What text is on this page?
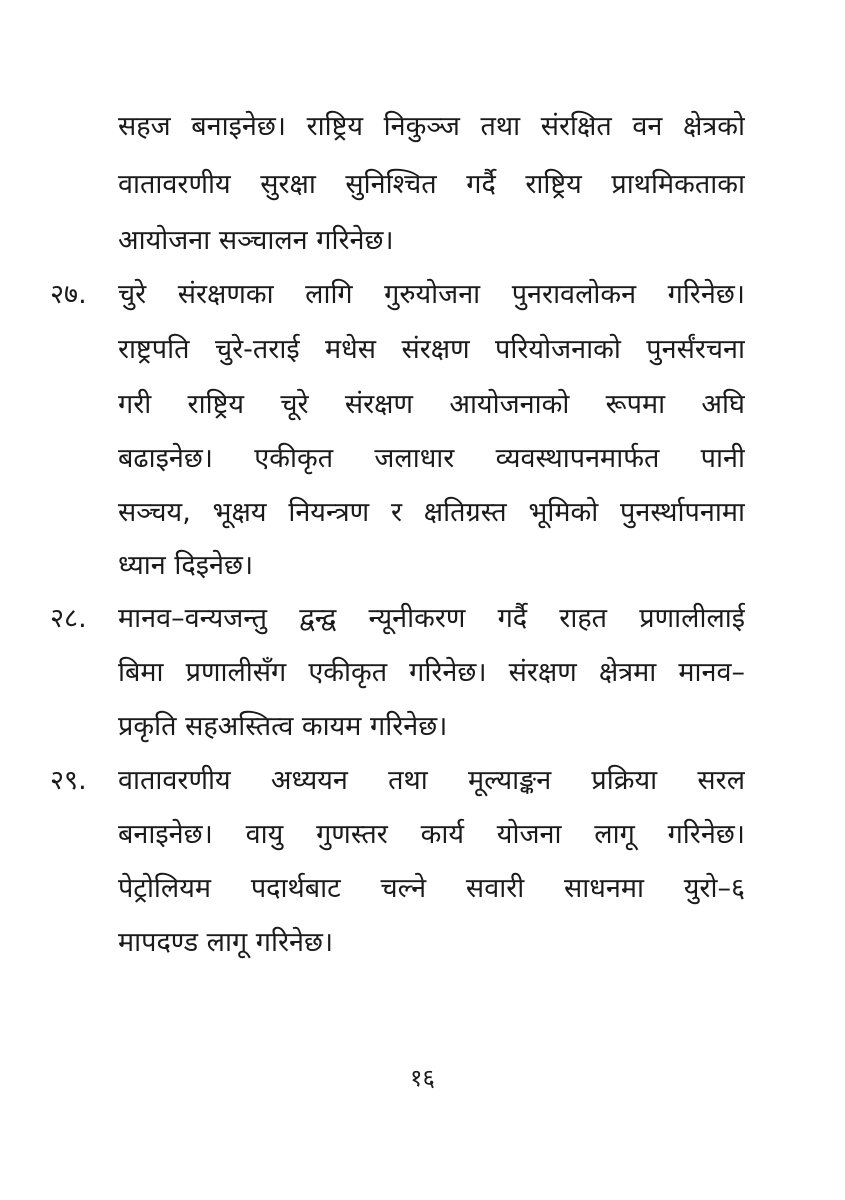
सहज बनाइनेछ। राष्ट्रिय निकुञ्ज तथा संरक्षित वन क्षेत्रको
वातावरणीय सुरक्षा सुनिश्चित गर्दै राष्ट्रिय प्राथमिकताका
आयोजना सञ्चालन गरिनेछ।
२७.	चुरे संरक्षणका लागि गुरुयोजना पुनरावलोकन गरिनेछ।
राष्ट्रपति चुरे-तराई मधेस संरक्षण परियोजनाको पुनर्संरचना
गरी राष्ट्रिय चूरे संरक्षण आयोजनाको रूपमा अघि
बढाइनेछ। एकीकृत जलाधार व्यवस्थापनमार्फत पानी
सञ्चय, भूक्षय नियन्त्रण र क्षतिग्रस्त भूमिको पुनर्स्थापनामा
ध्यान दिइनेछ।
२८.	मानव–वन्यजन्तु द्वन्द्व न्यूनीकरण गर्दै राहत प्रणालीलाई
बिमा प्रणालीसँग एकीकृत गरिनेछ। संरक्षण क्षेत्रमा मानव–
प्रकृति सहअस्तित्व कायम गरिनेछ।
२९.	वातावरणीय अध्ययन तथा मूल्याङ्कन प्रक्रिया सरल
बनाइनेछ। वायु गुणस्तर कार्य योजना लागू गरिनेछ।
पेट्रोलियम पदार्थबाट चल्ने सवारी साधनमा युरो–६
मापदण्ड लागू गरिनेछ।
१६
